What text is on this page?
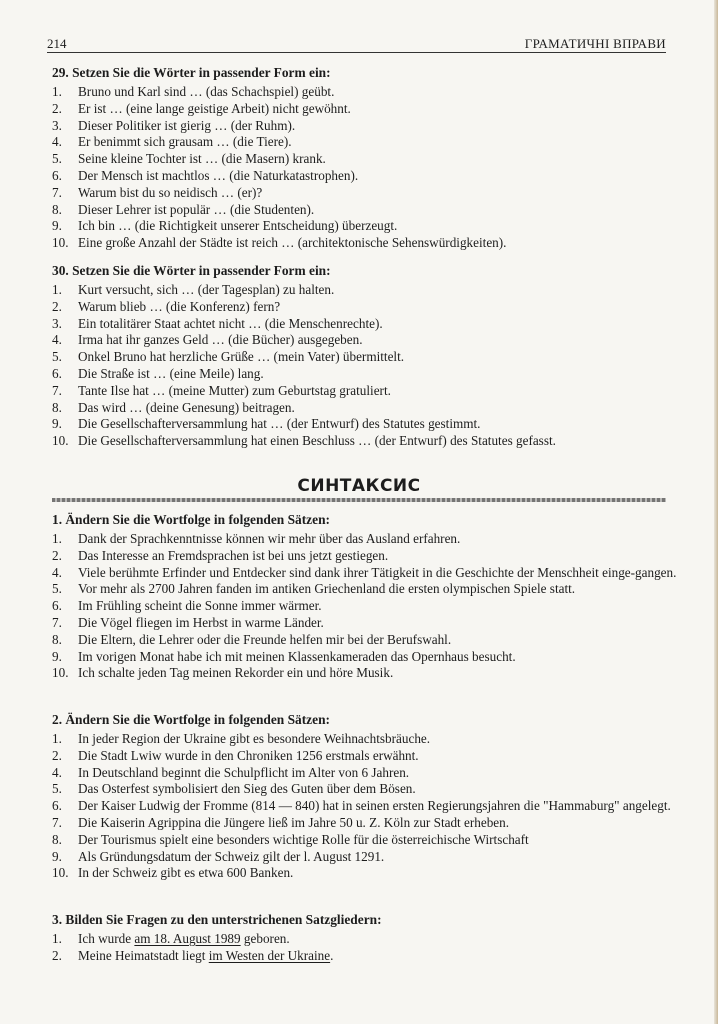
214	ГРАМАТИЧНІ ВПРАВИ
29. Setzen Sie die Wörter in passender Form ein:
1.	Bruno und Karl sind … (das Schachspiel) geübt.
2.	Er ist … (eine lange geistige Arbeit) nicht gewöhnt.
3.	Dieser Politiker ist gierig … (der Ruhm).
4.	Er benimmt sich grausam … (die Tiere).
5.	Seine kleine Tochter ist … (die Masern) krank.
6.	Der Mensch ist machtlos … (die Naturkatastrophen).
7.	Warum bist du so neidisch … (er)?
8.	Dieser Lehrer ist populär … (die Studenten).
9.	Ich bin … (die Richtigkeit unserer Entscheidung) überzeugt.
10. Eine große Anzahl der Städte ist reich … (architektonische Sehenswürdigkeiten).
30. Setzen Sie die Wörter in passender Form ein:
1.	Kurt versucht, sich … (der Tagesplan) zu halten.
2.	Warum blieb … (die Konferenz) fern?
3.	Ein totalitärer Staat achtet nicht … (die Menschenrechte).
4.	Irma hat ihr ganzes Geld … (die Bücher) ausgegeben.
5.	Onkel Bruno hat herzliche Grüße … (mein Vater) übermittelt.
6.	Die Straße ist … (eine Meile) lang.
7.	Tante Ilse hat … (meine Mutter) zum Geburtstag gratuliert.
8.	Das wird … (deine Genesung) beitragen.
9.	Die Gesellschafterversammlung hat … (der Entwurf) des Statutes gestimmt.
10. Die Gesellschafterversammlung hat einen Beschluss … (der Entwurf) des Statutes gefasst.
СИНТАКСИС
1. Ändern Sie die Wortfolge in folgenden Sätzen:
1.	Dank der Sprachkenntnisse können wir mehr über das Ausland erfahren.
2.	Das Interesse an Fremdsprachen ist bei uns jetzt gestiegen.
4.	Viele berühmte Erfinder und Entdecker sind dank ihrer Tätigkeit in die Geschichte der Menschheit einge-gangen.
5.	Vor mehr als 2700 Jahren fanden im antiken Griechenland die ersten olympischen Spiele statt.
6.	Im Frühling scheint die Sonne immer wärmer.
7.	Die Vögel fliegen im Herbst in warme Länder.
8.	Die Eltern, die Lehrer oder die Freunde helfen mir bei der Berufswahl.
9.	Im vorigen Monat habe ich mit meinen Klassenkameraden das Opernhaus besucht.
10. Ich schalte jeden Tag meinen Rekorder ein und höre Musik.
2. Ändern Sie die Wortfolge in folgenden Sätzen:
1.	In jeder Region der Ukraine gibt es besondere Weihnachtsbräuche.
2.	Die Stadt Lwiw wurde in den Chroniken 1256 erstmals erwähnt.
4.	In Deutschland beginnt die Schulpflicht im Alter von 6 Jahren.
5.	Das Osterfest symbolisiert den Sieg des Guten über dem Bösen.
6.	Der Kaiser Ludwig der Fromme (814 — 840) hat in seinen ersten Regierungsjahren die "Hammaburg" angelegt.
7.	Die Kaiserin Agrippina die Jüngere ließ im Jahre 50 u. Z. Köln zur Stadt erheben.
8.	Der Tourismus spielt eine besonders wichtige Rolle für die österreichische Wirtschaft
9.	Als Gründungsdatum der Schweiz gilt der l. August 1291.
10. In der Schweiz gibt es etwa 600 Banken.
3. Bilden Sie Fragen zu den unterstrichenen Satzgliedern:
1.	Ich wurde am 18. August 1989 geboren.
2.	Meine Heimatstadt liegt im Westen der Ukraine.
